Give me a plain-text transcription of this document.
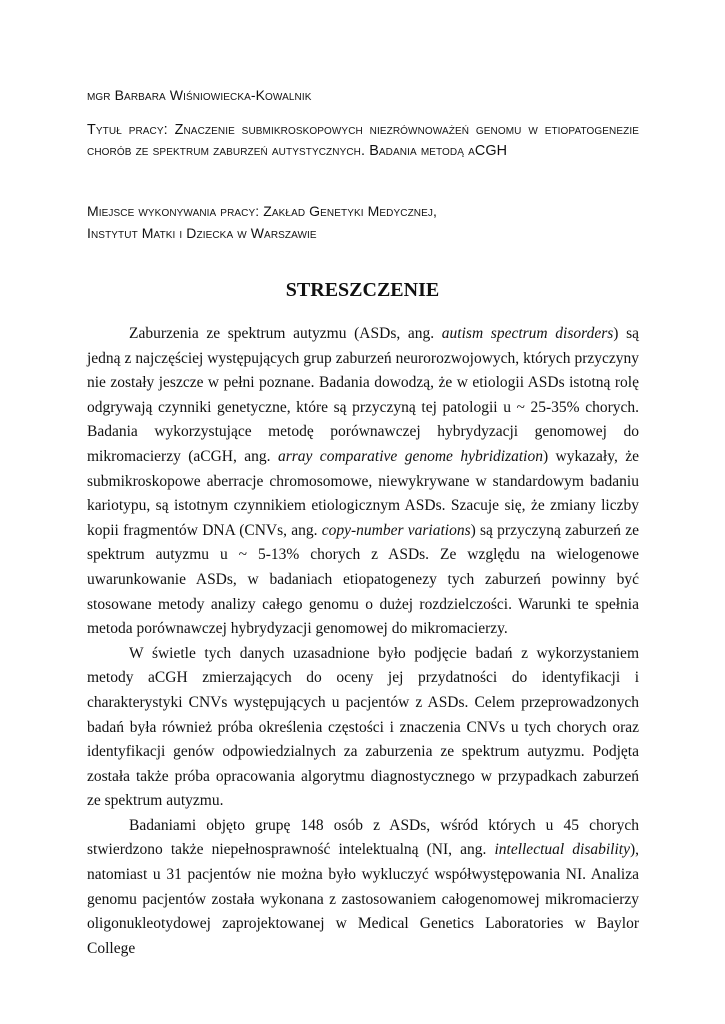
mgr Barbara Wiśniowiecka-Kowalnik
Tytuł pracy: Znaczenie submikroskopowych niezrównoważeń genomu w etiopatogenezie chorób ze spektrum zaburzeń autystycznych. Badania metodą aCGH
Miejsce wykonywania pracy: Zakład Genetyki Medycznej,
Instytut Matki i Dziecka w Warszawie
STRESZCZENIE

Zaburzenia ze spektrum autyzmu (ASDs, ang. autism spectrum disorders) są jedną z najczęściej występujących grup zaburzeń neurorozwojowych, których przyczyny nie zostały jeszcze w pełni poznane. Badania dowodzą, że w etiologii ASDs istotną rolę odgrywają czynniki genetyczne, które są przyczyną tej patologii u ~ 25-35% chorych. Badania wykorzystujące metodę porównawczej hybrydyzacji genomowej do mikromacierzy (aCGH, ang. array comparative genome hybridization) wykazały, że submikroskopowe aberracje chromosomowe, niewykrywane w standardowym badaniu kariotypu, są istotnym czynnikiem etiologicznym ASDs. Szacuje się, że zmiany liczby kopii fragmentów DNA (CNVs, ang. copy-number variations) są przyczyną zaburzeń ze spektrum autyzmu u ~ 5-13% chorych z ASDs. Ze względu na wielogenowe uwarunkowanie ASDs, w badaniach etiopatogenezy tych zaburzeń powinny być stosowane metody analizy całego genomu o dużej rozdzielczości. Warunki te spełnia metoda porównawczej hybrydyzacji genomowej do mikromacierzy.

W świetle tych danych uzasadnione było podjęcie badań z wykorzystaniem metody aCGH zmierzających do oceny jej przydatności do identyfikacji i charakterystyki CNVs występujących u pacjentów z ASDs. Celem przeprowadzonych badań była również próba określenia częstości i znaczenia CNVs u tych chorych oraz identyfikacji genów odpowiedzialnych za zaburzenia ze spektrum autyzmu. Podjęta została także próba opracowania algorytmu diagnostycznego w przypadkach zaburzeń ze spektrum autyzmu.

Badaniami objęto grupę 148 osób z ASDs, wśród których u 45 chorych stwierdzono także niepełnosprawność intelektualną (NI, ang. intellectual disability), natomiast u 31 pacjentów nie można było wykluczyć współwystępowania NI. Analiza genomu pacjentów została wykonana z zastosowaniem całogenomowej mikromacierzy oligonukleotydowej zaprojektowanej w Medical Genetics Laboratories w Baylor College
